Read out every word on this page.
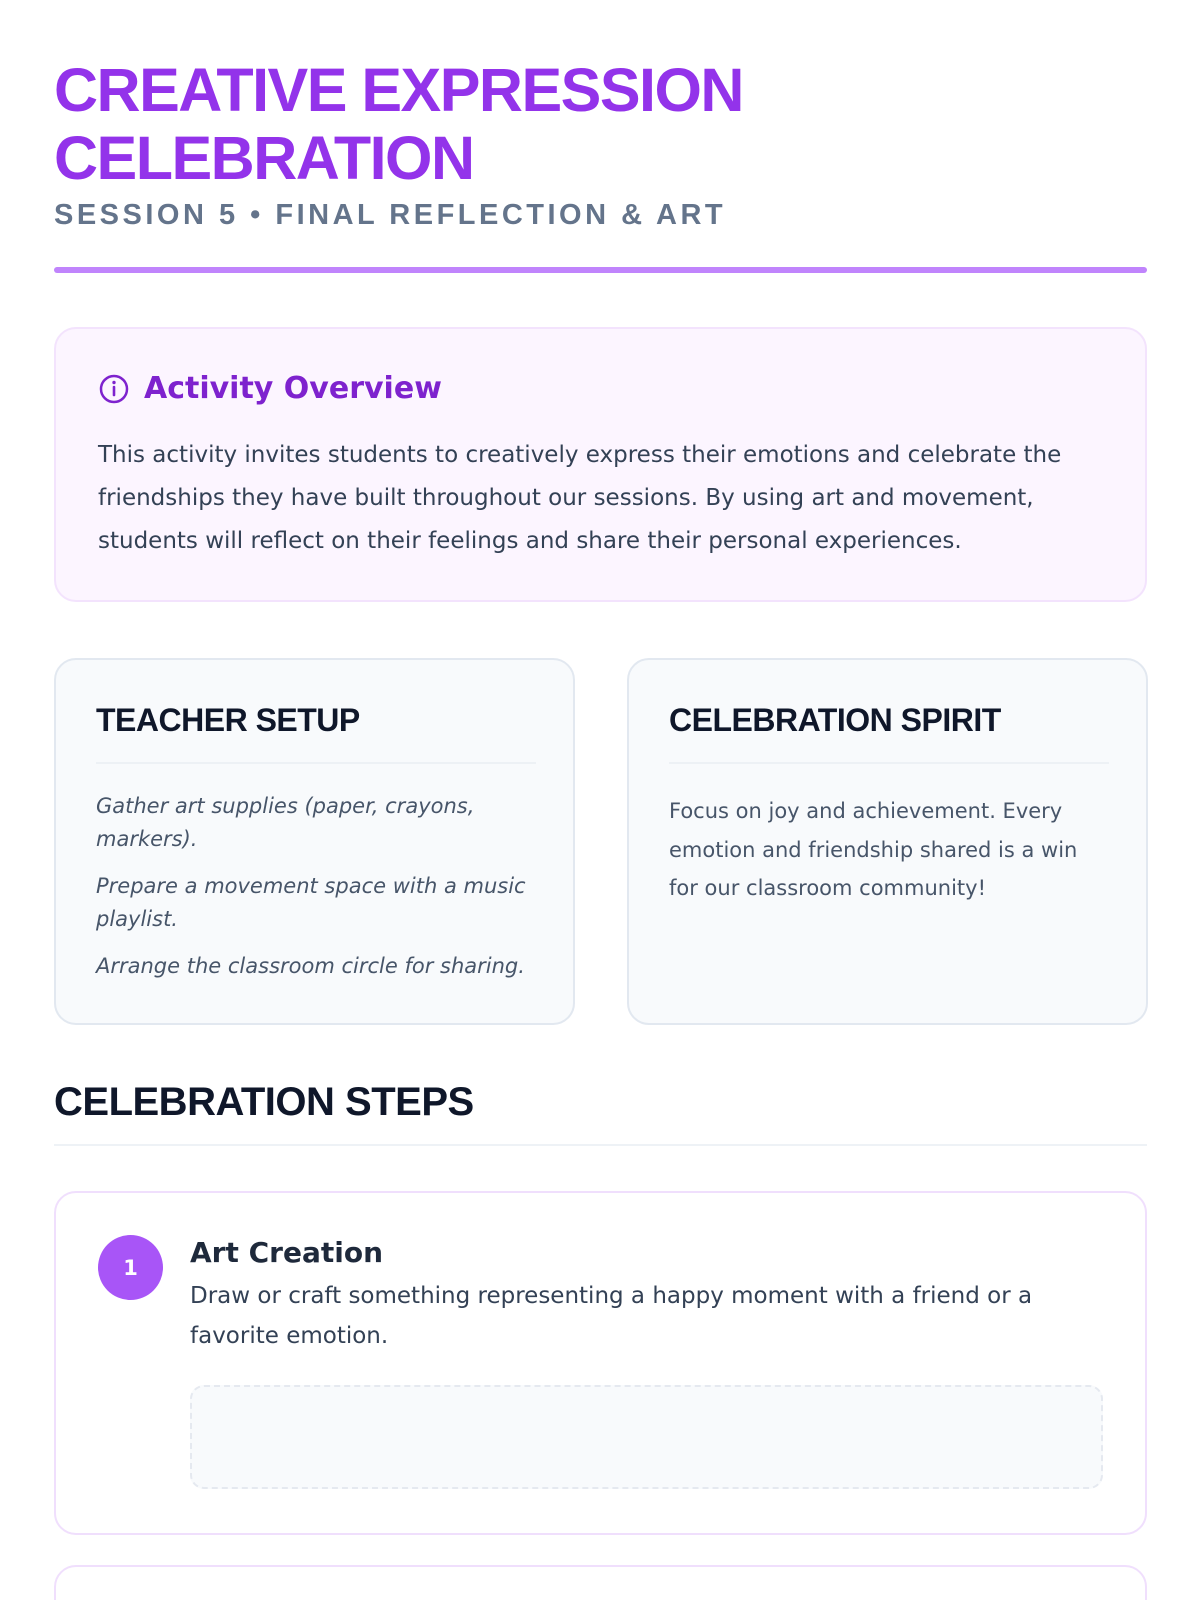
CREATIVE EXPRESSION
CELEBRATION
SESSION 5 • FINAL REFLECTION & ART
Activity Overview

This activity invites students to creatively express their emotions and celebrate the friendships they have built throughout our sessions. By using art and movement, students will reflect on their feelings and share their personal experiences.

TEACHER SETUP
Gather art supplies (paper, crayons, markers).
Prepare a movement space with a music playlist.
Arrange the classroom circle for sharing.
CELEBRATION SPIRIT

Focus on joy and achievement. Every emotion and friendship shared is a win for our classroom community!

CELEBRATION STEPS
1	Art Creation

Draw or craft something representing a happy moment with a friend or a favorite emotion.
